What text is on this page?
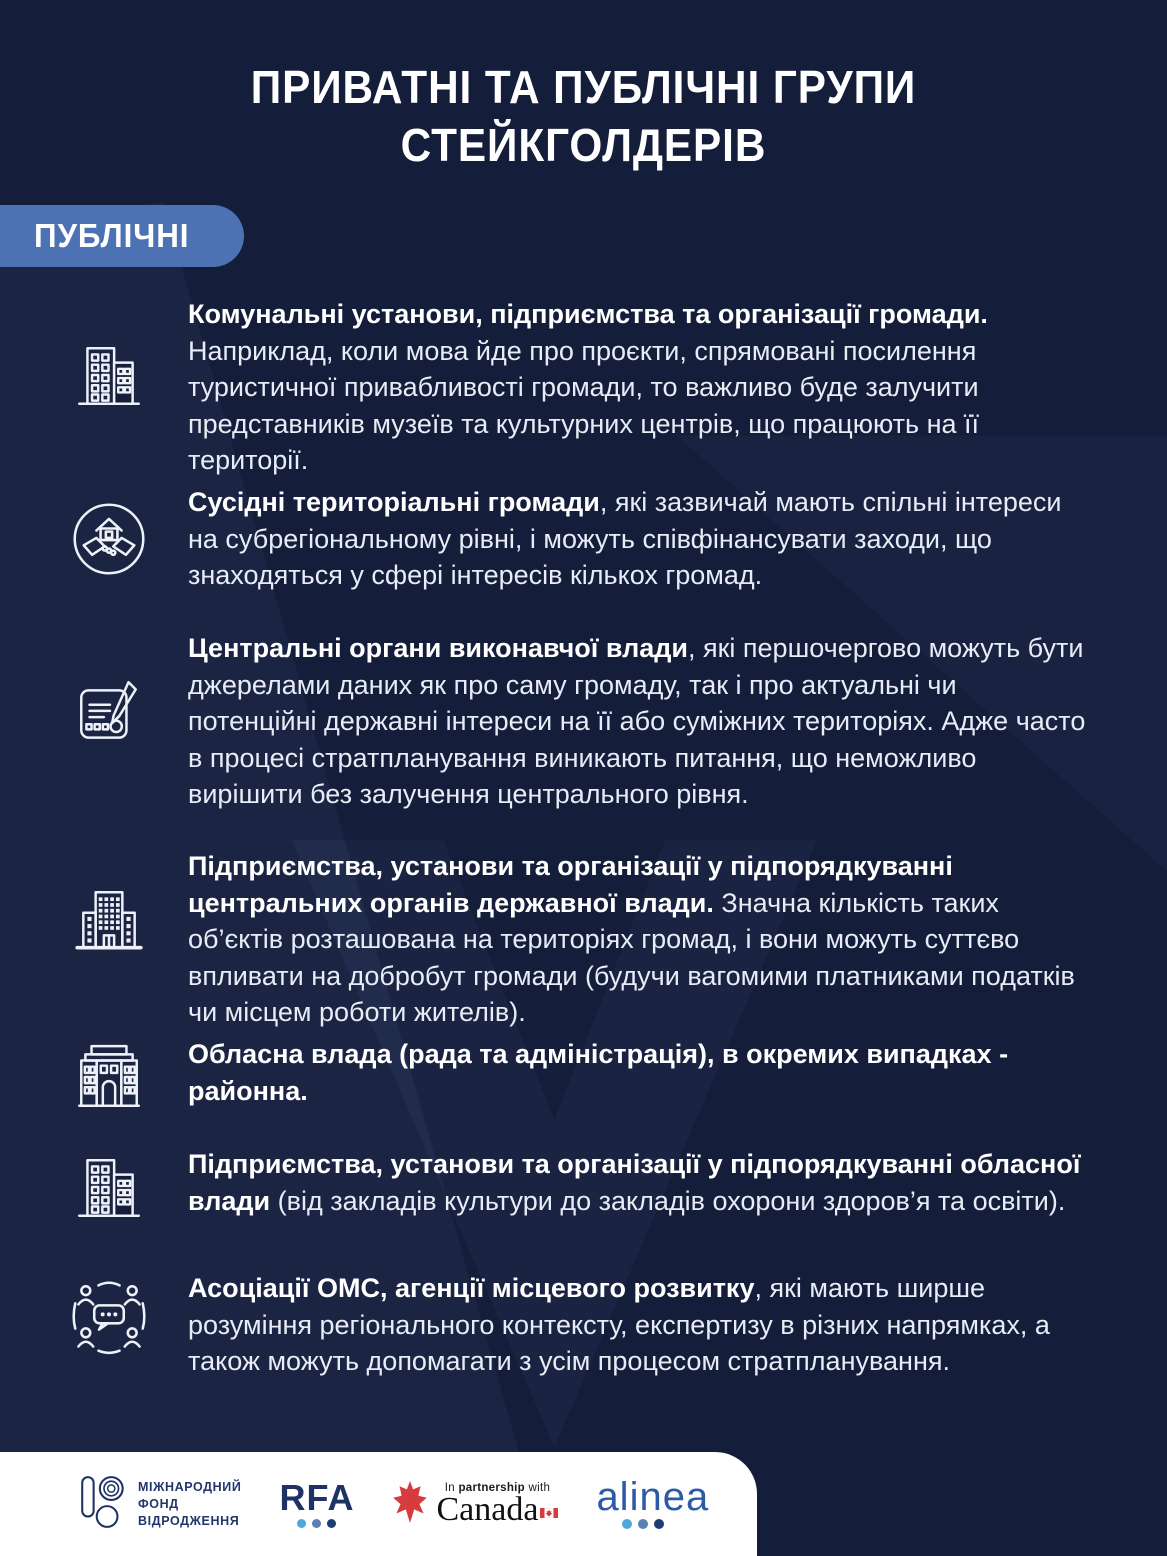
ПРИВАТНІ ТА ПУБЛІЧНІ ГРУПИ
СТЕЙКГОЛДЕРІВ
ПУБЛІЧНІ

Комунальні установи, підприємства та організації громади. Наприклад, коли мова йде про проєкти, спрямовані посилення туристичної привабливості громади, то важливо буде залучити представників музеїв та культурних центрів, що працюють на її території.

Сусідні територіальні громади, які зазвичай мають спільні інтереси на субрегіональному рівні, і можуть співфінансувати заходи, що знаходяться у сфері інтересів кількох громад.

Центральні органи виконавчої влади, які першочергово можуть бути джерелами даних як про саму громаду, так і про актуальні чи потенційні державні інтереси на її або суміжних територіях. Адже часто в процесі стратпланування виникають питання, що неможливо вирішити без залучення центрального рівня.

Підприємства, установи та організації у підпорядкуванні центральних органів державної влади. Значна кількість таких об’єктів розташована на територіях громад, і вони можуть суттєво впливати на добробут громади (будучи вагомими платниками податків чи місцем роботи жителів).

Обласна влада (рада та адміністрація), в окремих випадках - районна.

Підприємства, установи та організації у підпорядкуванні обласної влади (від закладів культури до закладів охорони здоров’я та освіти).

Асоціації ОМС, агенції місцевого розвитку, які мають ширше розуміння регіонального контексту, експертизу в різних напрямках, а також можуть допомагати з усім процесом стратпланування.

МІЖНАРОДНИЙ
ФОНД
ВІДРОДЖЕННЯ
RFA	In partnership with
Canada alinea
